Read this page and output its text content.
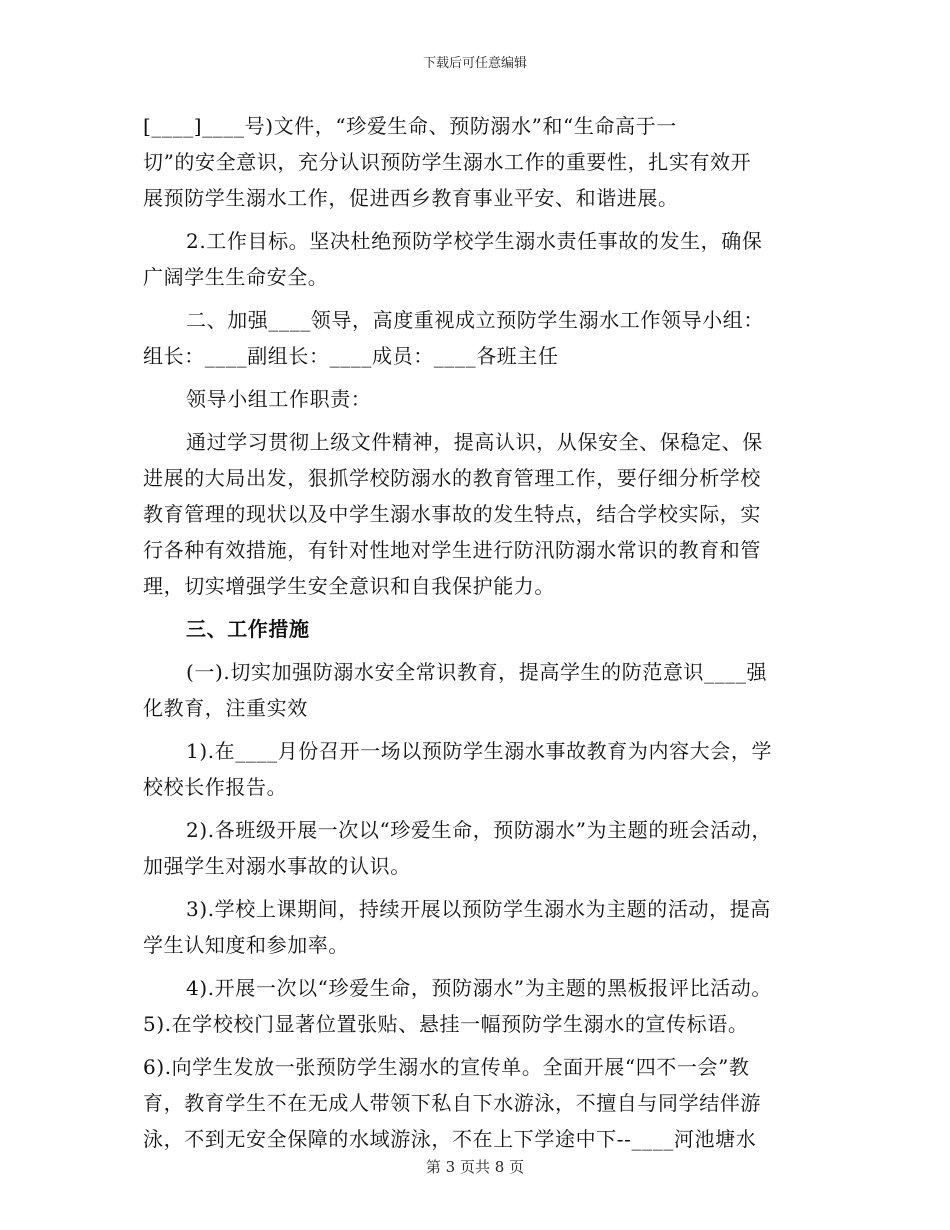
下载后可任意编辑
[____]____号)文件，“珍爱生命、预防溺水”和“生命高于一
切”的安全意识，充分认识预防学生溺水工作的重要性，扎实有效开
展预防学生溺水工作，促进西乡教育事业平安、和谐进展。
2.工作目标。坚决杜绝预防学校学生溺水责任事故的发生，确保
广阔学生生命安全。
二、加强____领导，高度重视成立预防学生溺水工作领导小组：
组长：____副组长：____成员：____各班主任
领导小组工作职责：
通过学习贯彻上级文件精神，提高认识，从保安全、保稳定、保
进展的大局出发，狠抓学校防溺水的教育管理工作，要仔细分析学校
教育管理的现状以及中学生溺水事故的发生特点，结合学校实际，实
行各种有效措施，有针对性地对学生进行防汛防溺水常识的教育和管
理，切实增强学生安全意识和自我保护能力。
三、工作措施
(一).切实加强防溺水安全常识教育，提高学生的防范意识____强
化教育，注重实效
1).在____月份召开一场以预防学生溺水事故教育为内容大会，学
校校长作报告。
2).各班级开展一次以“珍爱生命，预防溺水”为主题的班会活动，
加强学生对溺水事故的认识。
3).学校上课期间，持续开展以预防学生溺水为主题的活动，提高
学生认知度和参加率。
4).开展一次以“珍爱生命，预防溺水”为主题的黑板报评比活动。
5).在学校校门显著位置张贴、悬挂一幅预防学生溺水的宣传标语。
6).向学生发放一张预防学生溺水的宣传单。全面开展“四不一会”教
育，教育学生不在无成人带领下私自下水游泳，不擅自与同学结伴游
泳，不到无安全保障的水域游泳，不在上下学途中下--____河池塘水
第 3 页共 8 页
